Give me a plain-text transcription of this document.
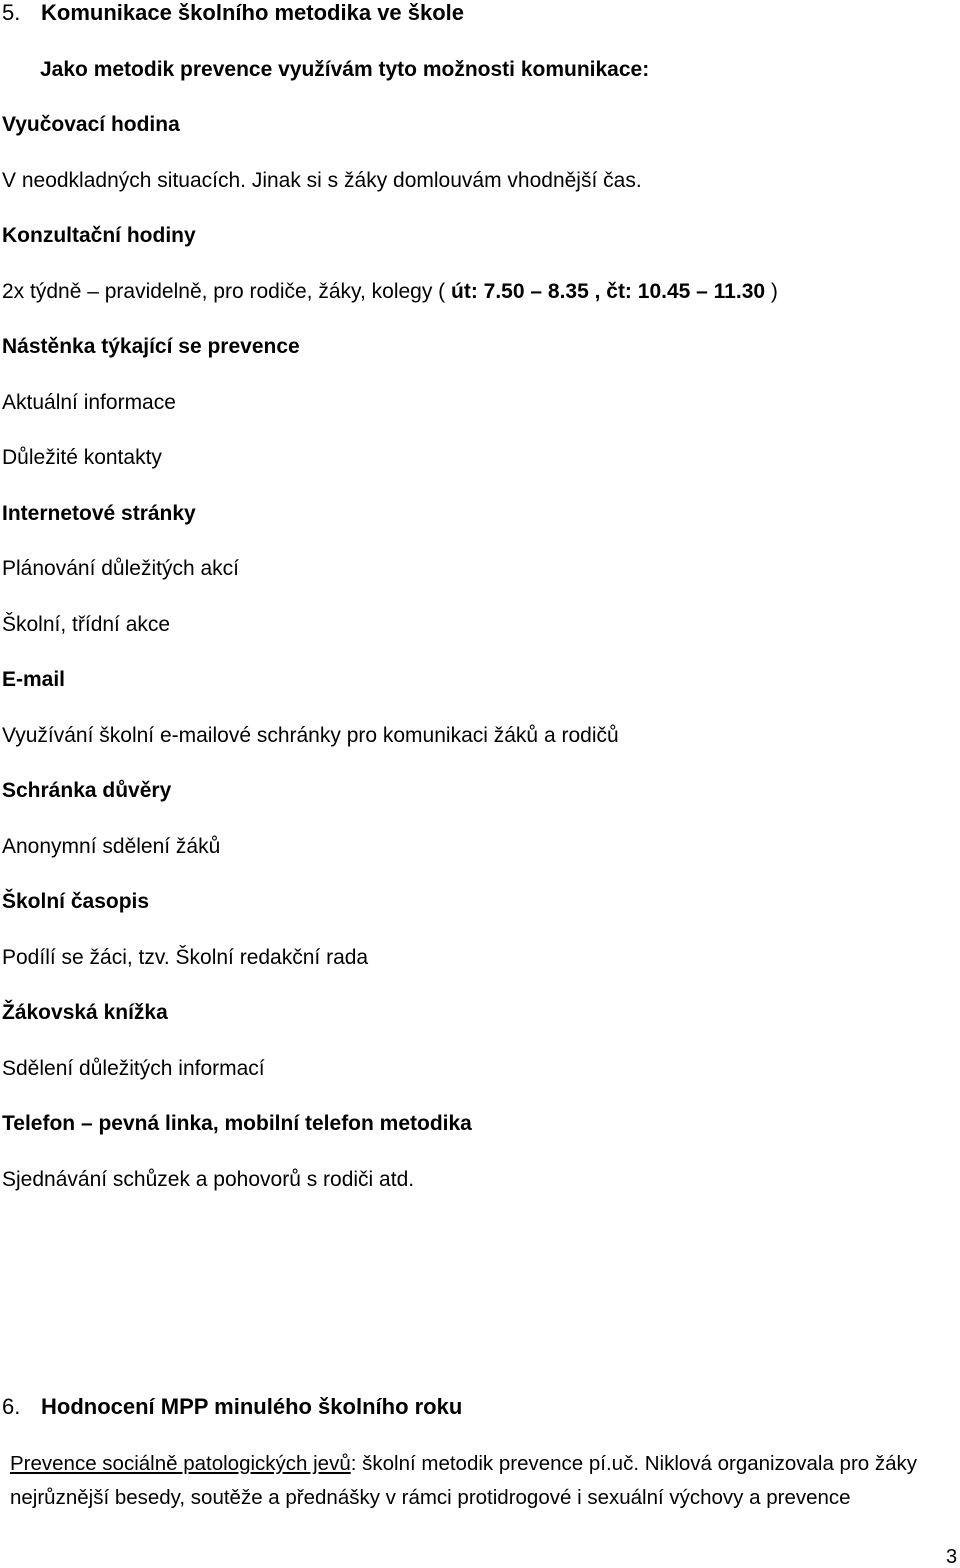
5. Komunikace školního metodika ve škole
Jako metodik prevence využívám tyto možnosti komunikace:
Vyučovací hodina
V neodkladných situacích. Jinak si s žáky domlouvám vhodnější čas.
Konzultační hodiny
2x týdně – pravidelně, pro rodiče, žáky, kolegy ( út: 7.50 – 8.35 , čt: 10.45 – 11.30 )
Nástěnka týkající se prevence
Aktuální informace
Důležité kontakty
Internetové stránky
Plánování důležitých akcí
Školní, třídní akce
E-mail
Využívání školní e-mailové schránky pro komunikaci žáků a rodičů
Schránka důvěry
Anonymní sdělení žáků
Školní časopis
Podílí se žáci, tzv. Školní redakční rada
Žákovská knížka
Sdělení důležitých informací
Telefon – pevná linka, mobilní telefon metodika
Sjednávání schůzek a pohovorů s rodiči atd.
6. Hodnocení MPP minulého školního roku
Prevence sociálně patologických jevů: školní metodik prevence pí.uč. Niklová organizovala pro žáky nejrůznější besedy, soutěže a přednášky v rámci protidrogové i sexuální výchovy a prevence
3
